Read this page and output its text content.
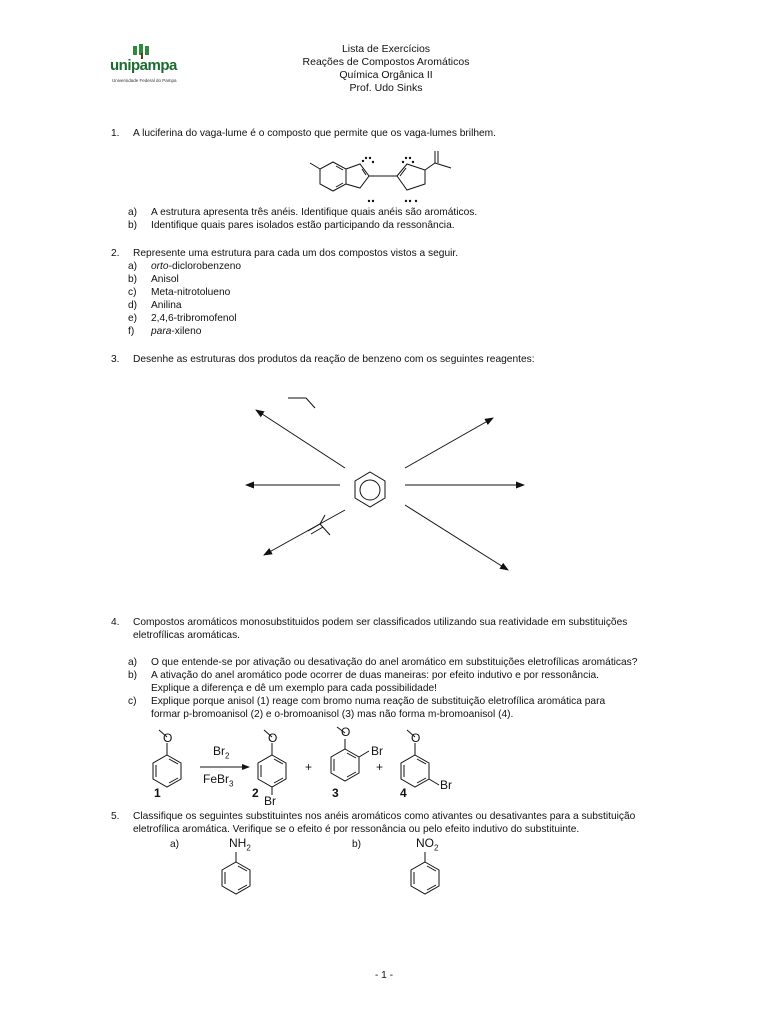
unipampa
Universidade Federal do Pampa
Lista de Exercícios
Reações de Compostos Aromáticos
Química Orgânica II
Prof. Udo Sinks
1. A luciferina do vaga-lume é o composto que permite que os vaga-lumes brilhem.
a) A estrutura apresenta três anéis. Identifique quais anéis são aromáticos.
b) Identifique quais pares isolados estão participando da ressonância.
2. Represente uma estrutura para cada um dos compostos vistos a seguir.
a) orto-diclorobenzeno
b) Anisol
c) Meta-nitrotolueno
d) Anilina
e) 2,4,6-tribromofenol
f) para-xileno
3. Desenhe as estruturas dos produtos da reação de benzeno com os seguintes reagentes:
4. Compostos aromáticos monosubstituidos podem ser classificados utilizando sua reatividade em substituições
eletrofílicas aromáticas.
a) O que entende-se por ativação ou desativação do anel aromático em substituições eletrofílicas aromáticas?
b) A ativação do anel aromático pode ocorrer de duas maneiras: por efeito indutivo e por ressonância.
Explique a diferença e dê um exemplo para cada possibilidade!
c) Explique porque anisol (1) reage com bromo numa reação de substituição eletrofílica aromática para
formar p-bromoanisol (2) e o-bromoanisol (3) mas não forma m-bromoanisol (4).
O	O	O	O
$Br_2$
FeBr$_3$
Br
Br
Br
+	+
1	2	3	4
5. Classifique os seguintes substituintes nos anéis aromáticos como ativantes ou desativantes para a substituição
eletrofílica aromática. Verifique se o efeito é por ressonância ou pelo efeito indutivo do substituinte.
a)	$NH_2$	b)	$NO_2$
- 1 -
